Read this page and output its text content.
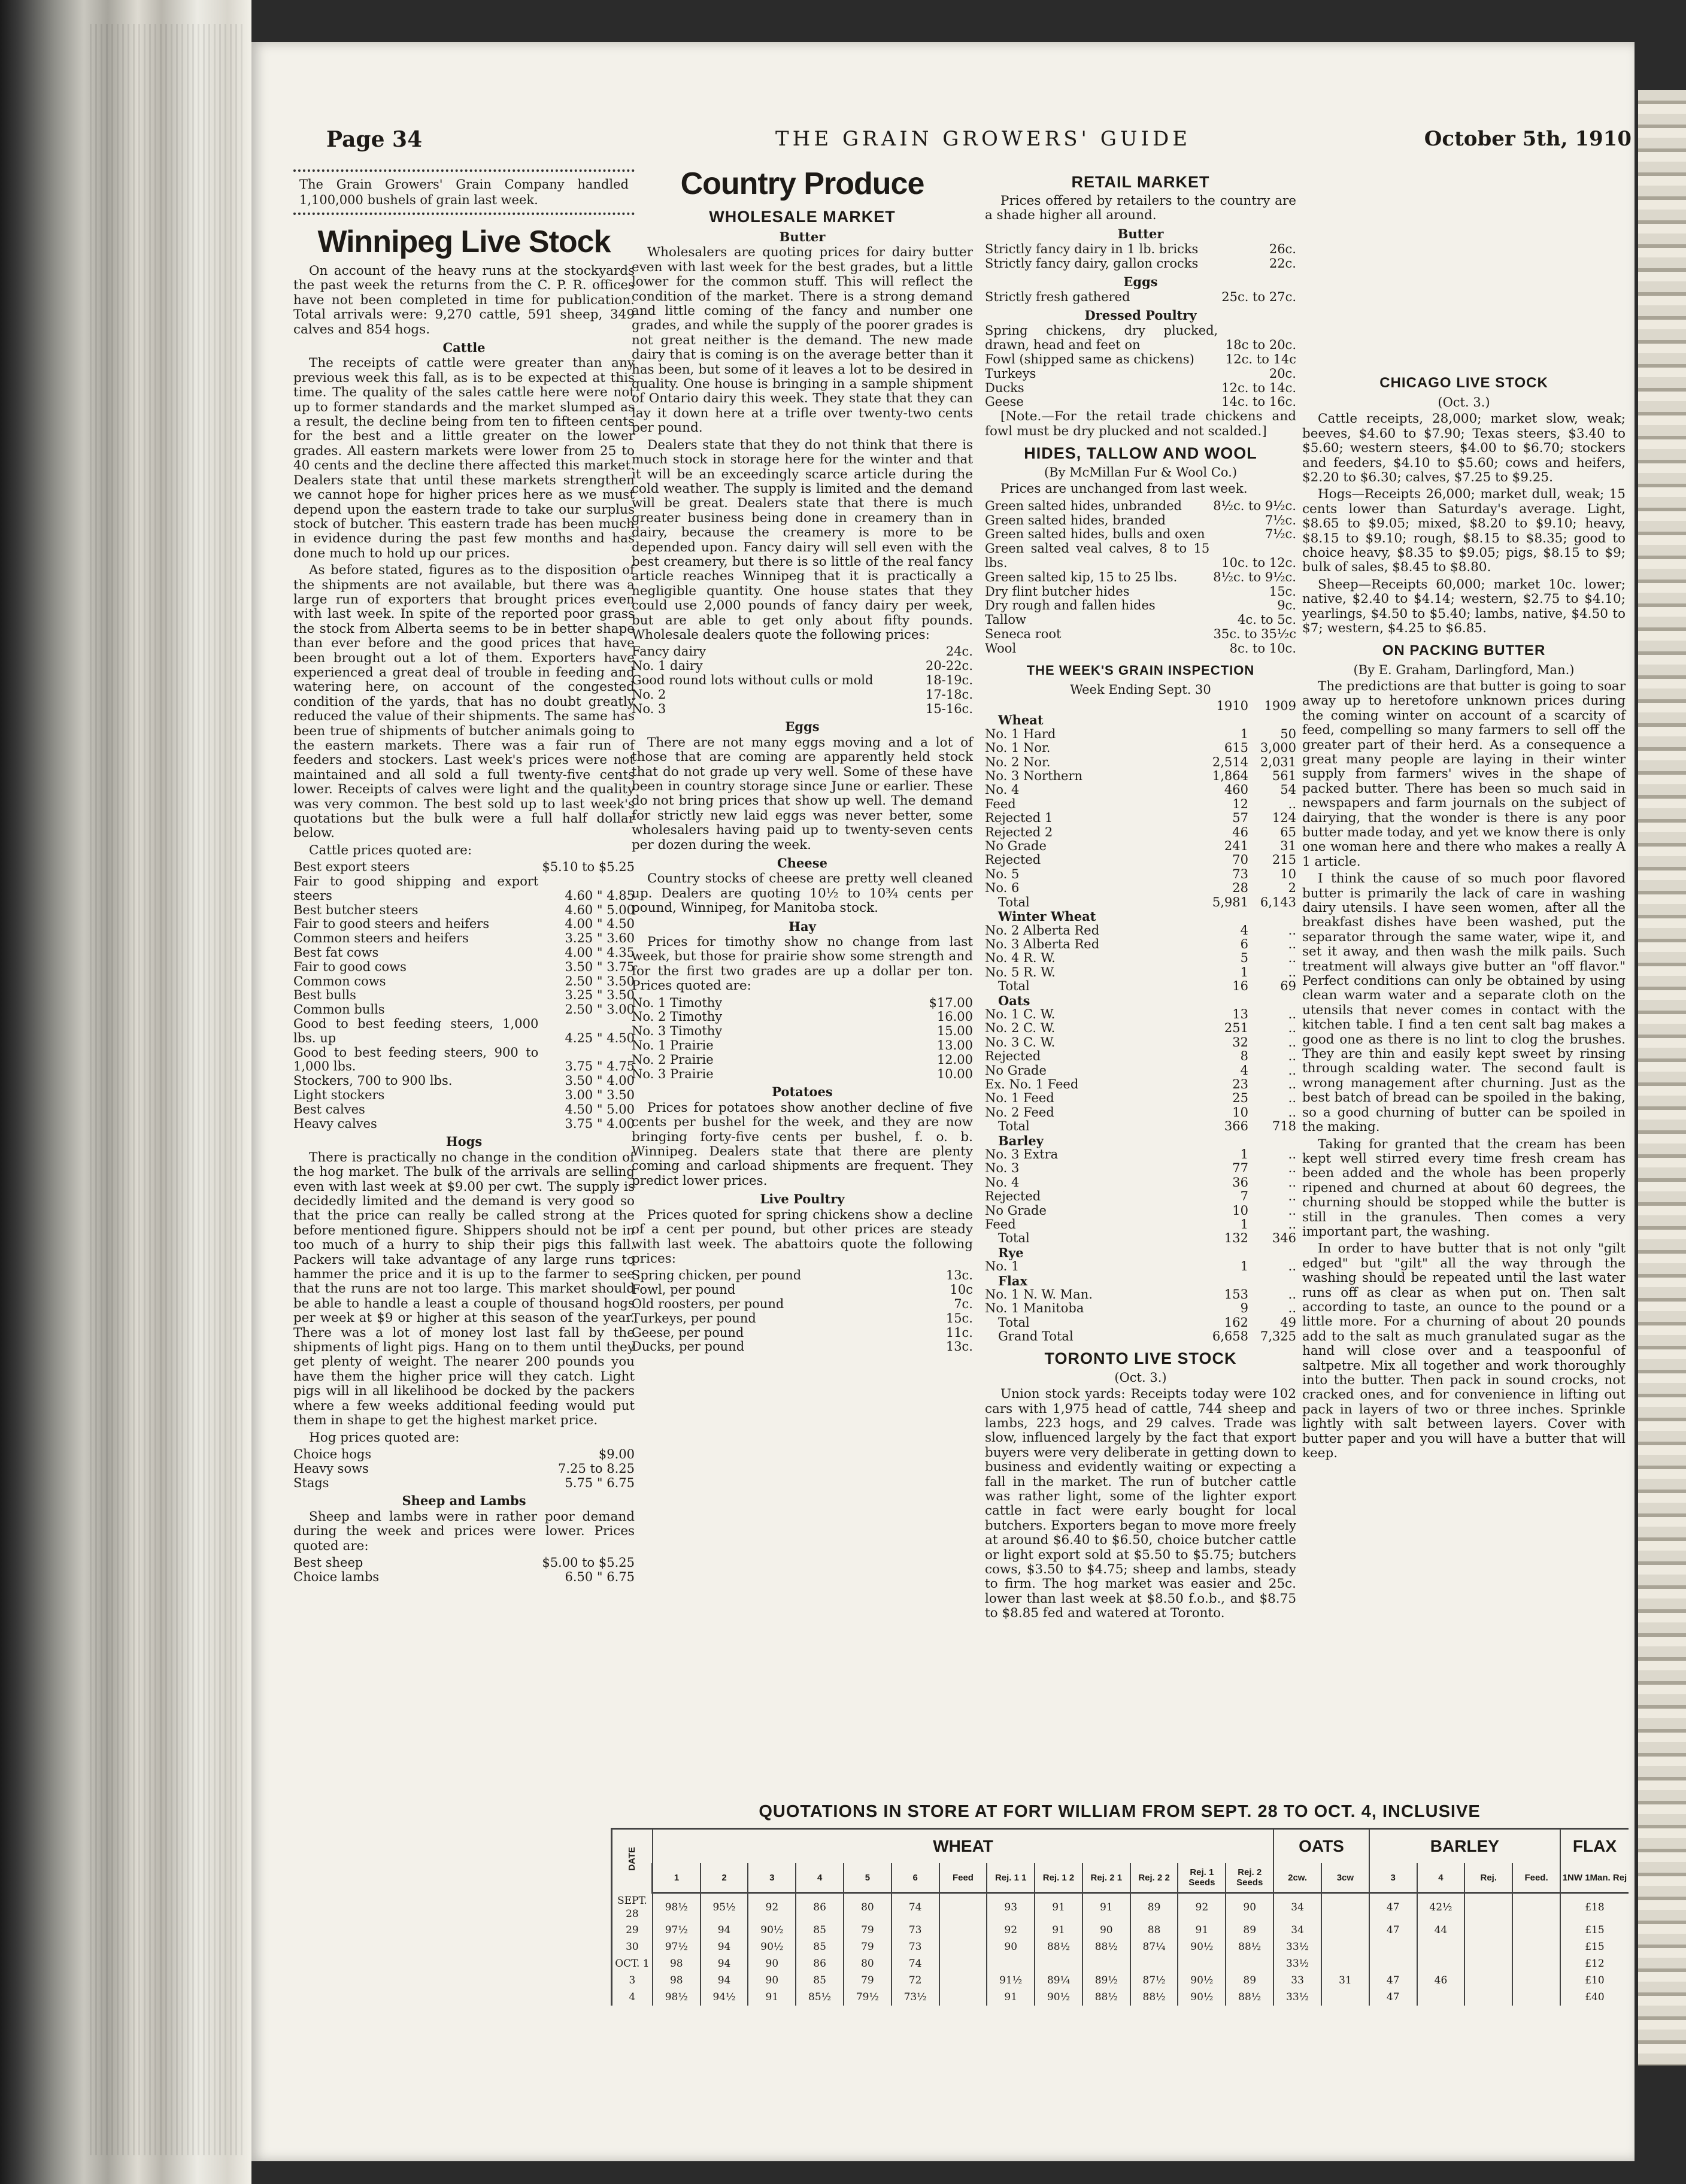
Page 34	THE GRAIN GROWERS' GUIDE	October 5th, 1910
The Grain Growers' Grain Company handled 1,100,000 bushels of grain last week.
Winnipeg Live Stock

On account of the heavy runs at the stockyards the past week the returns from the C. P. R. offices have not been completed in time for publication. Total arrivals were: 9,270 cattle, 591 sheep, 349 calves and 854 hogs.

Cattle

The receipts of cattle were greater than any previous week this fall, as is to be expected at this time. The quality of the sales cattle here were not up to former standards and the market slumped as a result, the decline being from ten to fifteen cents for the best and a little greater on the lower grades. All eastern markets were lower from 25 to 40 cents and the decline there affected this market. Dealers state that until these markets strengthen we cannot hope for higher prices here as we must depend upon the eastern trade to take our surplus stock of butcher. This eastern trade has been much in evidence during the past few months and has done much to hold up our prices.

As before stated, figures as to the disposition of the shipments are not available, but there was a large run of exporters that brought prices even with last week. In spite of the reported poor grass the stock from Alberta seems to be in better shape than ever before and the good prices that have been brought out a lot of them. Exporters have experienced a great deal of trouble in feeding and watering here, on account of the congested condition of the yards, that has no doubt greatly reduced the value of their shipments. The same has been true of shipments of butcher animals going to the eastern markets. There was a fair run of feeders and stockers. Last week's prices were not maintained and all sold a full twenty-five cents lower. Receipts of calves were light and the quality was very common. The best sold up to last week's quotations but the bulk were a full half dollar below.

Cattle prices quoted are:

Best export steers	$5.10 to $5.25
Fair to good shipping and export steers	4.60 " 4.85
Best butcher steers	4.60 " 5.00
Fair to good steers and heifers	4.00 " 4.50
Common steers and heifers	3.25 " 3.60
Best fat cows	4.00 " 4.35
Fair to good cows	3.50 " 3.75
Common cows	2.50 " 3.50
Best bulls	3.25 " 3.50
Common bulls	2.50 " 3.00
Good to best feeding steers, 1,000 lbs. up	4.25 " 4.50
Good to best feeding steers, 900 to 1,000 lbs.	3.75 " 4.75
Stockers, 700 to 900 lbs.	3.50 " 4.00
Light stockers	3.00 " 3.50
Best calves	4.50 " 5.00
Heavy calves	3.75 " 4.00
Hogs

There is practically no change in the condition of the hog market. The bulk of the arrivals are selling even with last week at $9.00 per cwt. The supply is decidedly limited and the demand is very good so that the price can really be called strong at the before mentioned figure. Shippers should not be in too much of a hurry to ship their pigs this fall. Packers will take advantage of any large runs to hammer the price and it is up to the farmer to see that the runs are not too large. This market should be able to handle a least a couple of thousand hogs per week at $9 or higher at this season of the year. There was a lot of money lost last fall by the shipments of light pigs. Hang on to them until they get plenty of weight. The nearer 200 pounds you have them the higher price will they catch. Light pigs will in all likelihood be docked by the packers where a few weeks additional feeding would put them in shape to get the highest market price.

Hog prices quoted are:

Choice hogs	$9.00
Heavy sows	7.25 to 8.25
Stags	5.75 " 6.75
Sheep and Lambs

Sheep and lambs were in rather poor demand during the week and prices were lower. Prices quoted are:

Best sheep	$5.00 to $5.25
Choice lambs	6.50 " 6.75
Country Produce
WHOLESALE MARKET
Butter

Wholesalers are quoting prices for dairy butter even with last week for the best grades, but a little lower for the common stuff. This will reflect the condition of the market. There is a strong demand and little coming of the fancy and number one grades, and while the supply of the poorer grades is not great neither is the demand. The new made dairy that is coming is on the average better than it has been, but some of it leaves a lot to be desired in quality. One house is bringing in a sample shipment of Ontario dairy this week. They state that they can lay it down here at a trifle over twenty-two cents per pound.

Dealers state that they do not think that there is much stock in storage here for the winter and that it will be an exceedingly scarce article during the cold weather. The supply is limited and the demand will be great. Dealers state that there is much greater business being done in creamery than in dairy, because the creamery is more to be depended upon. Fancy dairy will sell even with the best creamery, but there is so little of the real fancy article reaches Winnipeg that it is practically a negligible quantity. One house states that they could use 2,000 pounds of fancy dairy per week, but are able to get only about fifty pounds. Wholesale dealers quote the following prices:

Fancy dairy	24c.
No. 1 dairy	20-22c.
Good round lots without culls or mold	18-19c.
No. 2	17-18c.
No. 3	15-16c.
Eggs

There are not many eggs moving and a lot of those that are coming are apparently held stock that do not grade up very well. Some of these have been in country storage since June or earlier. These do not bring prices that show up well. The demand for strictly new laid eggs was never better, some wholesalers having paid up to twenty-seven cents per dozen during the week.

Cheese

Country stocks of cheese are pretty well cleaned up. Dealers are quoting 10½ to 10¾ cents per pound, Winnipeg, for Manitoba stock.

Hay

Prices for timothy show no change from last week, but those for prairie show some strength and for the first two grades are up a dollar per ton. Prices quoted are:

No. 1 Timothy	$17.00
No. 2 Timothy	16.00
No. 3 Timothy	15.00
No. 1 Prairie	13.00
No. 2 Prairie	12.00
No. 3 Prairie	10.00
Potatoes

Prices for potatoes show another decline of five cents per bushel for the week, and they are now bringing forty-five cents per bushel, f. o. b. Winnipeg. Dealers state that there are plenty coming and carload shipments are frequent. They predict lower prices.

Live Poultry

Prices quoted for spring chickens show a decline of a cent per pound, but other prices are steady with last week. The abattoirs quote the following prices:

Spring chicken, per pound	13c.
Fowl, per pound	10c
Old roosters, per pound	7c.
Turkeys, per pound	15c.
Geese, per pound	11c.
Ducks, per pound	13c.
RETAIL MARKET

Prices offered by retailers to the country are a shade higher all around.

Butter
Strictly fancy dairy in 1 lb. bricks	26c.
Strictly fancy dairy, gallon crocks	22c.
Eggs
Strictly fresh gathered	25c. to 27c.
Dressed Poultry
Spring chickens, dry plucked, drawn, head and feet on	18c to 20c.
Fowl (shipped same as chickens)	12c. to 14c
Turkeys	20c.
Ducks	12c. to 14c.
Geese	14c. to 16c.

[Note.—For the retail trade chickens and fowl must be dry plucked and not scalded.]

HIDES, TALLOW AND WOOL
(By McMillan Fur & Wool Co.)

Prices are unchanged from last week.

Green salted hides, unbranded	8½c. to 9½c.
Green salted hides, branded	7½c.
Green salted hides, bulls and oxen	7½c.
Green salted veal calves, 8 to 15 lbs.	10c. to 12c.
Green salted kip, 15 to 25 lbs.	8½c. to 9½c.
Dry flint butcher hides	15c.
Dry rough and fallen hides	9c.
Tallow	4c. to 5c.
Seneca root	35c. to 35½c
Wool	8c. to 10c.
THE WEEK'S GRAIN INSPECTION
Week Ending Sept. 30
	1910	1909
Wheat		
No. 1 Hard	1	50
No. 1 Nor.	615	3,000
No. 2 Nor.	2,514	2,031
No. 3 Northern	1,864	561
No. 4	460	54
Feed	12	..
Rejected 1	57	124
Rejected 2	46	65
No Grade	241	31
Rejected	70	215
No. 5	73	10
No. 6	28	2
Total	5,981	6,143
Winter Wheat		
No. 2 Alberta Red	4	..
No. 3 Alberta Red	6	..
No. 4 R. W.	5	..
No. 5 R. W.	1	..
Total	16	69
Oats		
No. 1 C. W.	13	..
No. 2 C. W.	251	..
No. 3 C. W.	32	..
Rejected	8	..
No Grade	4	..
Ex. No. 1 Feed	23	..
No. 1 Feed	25	..
No. 2 Feed	10	..
Total	366	718
Barley		
No. 3 Extra	1	..
No. 3	77	..
No. 4	36	..
Rejected	7	..
No Grade	10	..
Feed	1	..
Total	132	346
Rye		
No. 1	1	..
Flax		
No. 1 N. W. Man.	153	..
No. 1 Manitoba	9	..
Total	162	49
Grand Total	6,658	7,325
TORONTO LIVE STOCK
(Oct. 3.)

Union stock yards: Receipts today were 102 cars with 1,975 head of cattle, 744 sheep and lambs, 223 hogs, and 29 calves. Trade was slow, influenced largely by the fact that export buyers were very deliberate in getting down to business and evidently waiting or expecting a fall in the market. The run of butcher cattle was rather light, some of the lighter export cattle in fact were early bought for local butchers. Exporters began to move more freely at around $6.40 to $6.50, choice butcher cattle or light export sold at $5.50 to $5.75; butchers cows, $3.50 to $4.75; sheep and lambs, steady to firm. The hog market was easier and 25c. lower than last week at $8.50 f.o.b., and $8.75 to $8.85 fed and watered at Toronto.

CHICAGO LIVE STOCK
(Oct. 3.)

Cattle receipts, 28,000; market slow, weak; beeves, $4.60 to $7.90; Texas steers, $3.40 to $5.60; western steers, $4.00 to $6.70; stockers and feeders, $4.10 to $5.60; cows and heifers, $2.20 to $6.30; calves, $7.25 to $9.25.

Hogs—Receipts 26,000; market dull, weak; 15 cents lower than Saturday's average. Light, $8.65 to $9.05; mixed, $8.20 to $9.10; heavy, $8.15 to $9.10; rough, $8.15 to $8.35; good to choice heavy, $8.35 to $9.05; pigs, $8.15 to $9; bulk of sales, $8.45 to $8.80.

Sheep—Receipts 60,000; market 10c. lower; native, $2.40 to $4.14; western, $2.75 to $4.10; yearlings, $4.50 to $5.40; lambs, native, $4.50 to $7; western, $4.25 to $6.85.

ON PACKING BUTTER
(By E. Graham, Darlingford, Man.)

The predictions are that butter is going to soar away up to heretofore unknown prices during the coming winter on account of a scarcity of feed, compelling so many farmers to sell off the greater part of their herd. As a consequence a great many people are laying in their winter supply from farmers' wives in the shape of packed butter. There has been so much said in newspapers and farm journals on the subject of dairying, that the wonder is there is any poor butter made today, and yet we know there is only one woman here and there who makes a really A 1 article.

I think the cause of so much poor flavored butter is primarily the lack of care in washing dairy utensils. I have seen women, after all the breakfast dishes have been washed, put the separator through the same water, wipe it, and set it away, and then wash the milk pails. Such treatment will always give butter an "off flavor." Perfect conditions can only be obtained by using clean warm water and a separate cloth on the utensils that never comes in contact with the kitchen table. I find a ten cent salt bag makes a good one as there is no lint to clog the brushes. They are thin and easily kept sweet by rinsing through scalding water. The second fault is wrong management after churning. Just as the best batch of bread can be spoiled in the baking, so a good churning of butter can be spoiled in the making.

Taking for granted that the cream has been kept well stirred every time fresh cream has been added and the whole has been properly ripened and churned at about 60 degrees, the churning should be stopped while the butter is still in the granules. Then comes a very important part, the washing.

In order to have butter that is not only "gilt edged" but "gilt" all the way through the washing should be repeated until the last water runs off as clear as when put on. Then salt according to taste, an ounce to the pound or a little more. For a churning of about 20 pounds add to the salt as much granulated sugar as the hand will close over and a teaspoonful of saltpetre. Mix all together and work thoroughly into the butter. Then pack in sound crocks, not cracked ones, and for convenience in lifting out pack in layers of two or three inches. Sprinkle lightly with salt between layers. Cover with butter paper and you will have a butter that will keep.

QUOTATIONS IN STORE AT FORT WILLIAM FROM SEPT. 28 TO OCT. 4, INCLUSIVE
DATE	WHEAT													OATS		BARLEY				FLAX
	1	2	3	4	5	6	Feed	Rej. 1 1	Rej. 1 2	Rej. 2 1	Rej. 2 2	Rej. 1 Seeds	Rej. 2 Seeds	2cw.	3cw	3	4	Rej.	Feed.	1NW 1Man. Rej
SEPT. 28	98½	95½	92	86	80	74		93	91	91	89	92	90	34		47	42½			£18
29	97½	94	90½	85	79	73		92	91	90	88	91	89	34		47	44			£15
30	97½	94	90½	85	79	73		90	88½	88½	87¼	90½	88½	33½						£15
OCT. 1	98	94	90	86	80	74								33½						£12
3	98	94	90	85	79	72		91½	89¼	89½	87½	90½	89	33	31	47	46			£10
4	98½	94½	91	85½	79½	73½		91	90½	88½	88½	90½	88½	33½		47				£40
